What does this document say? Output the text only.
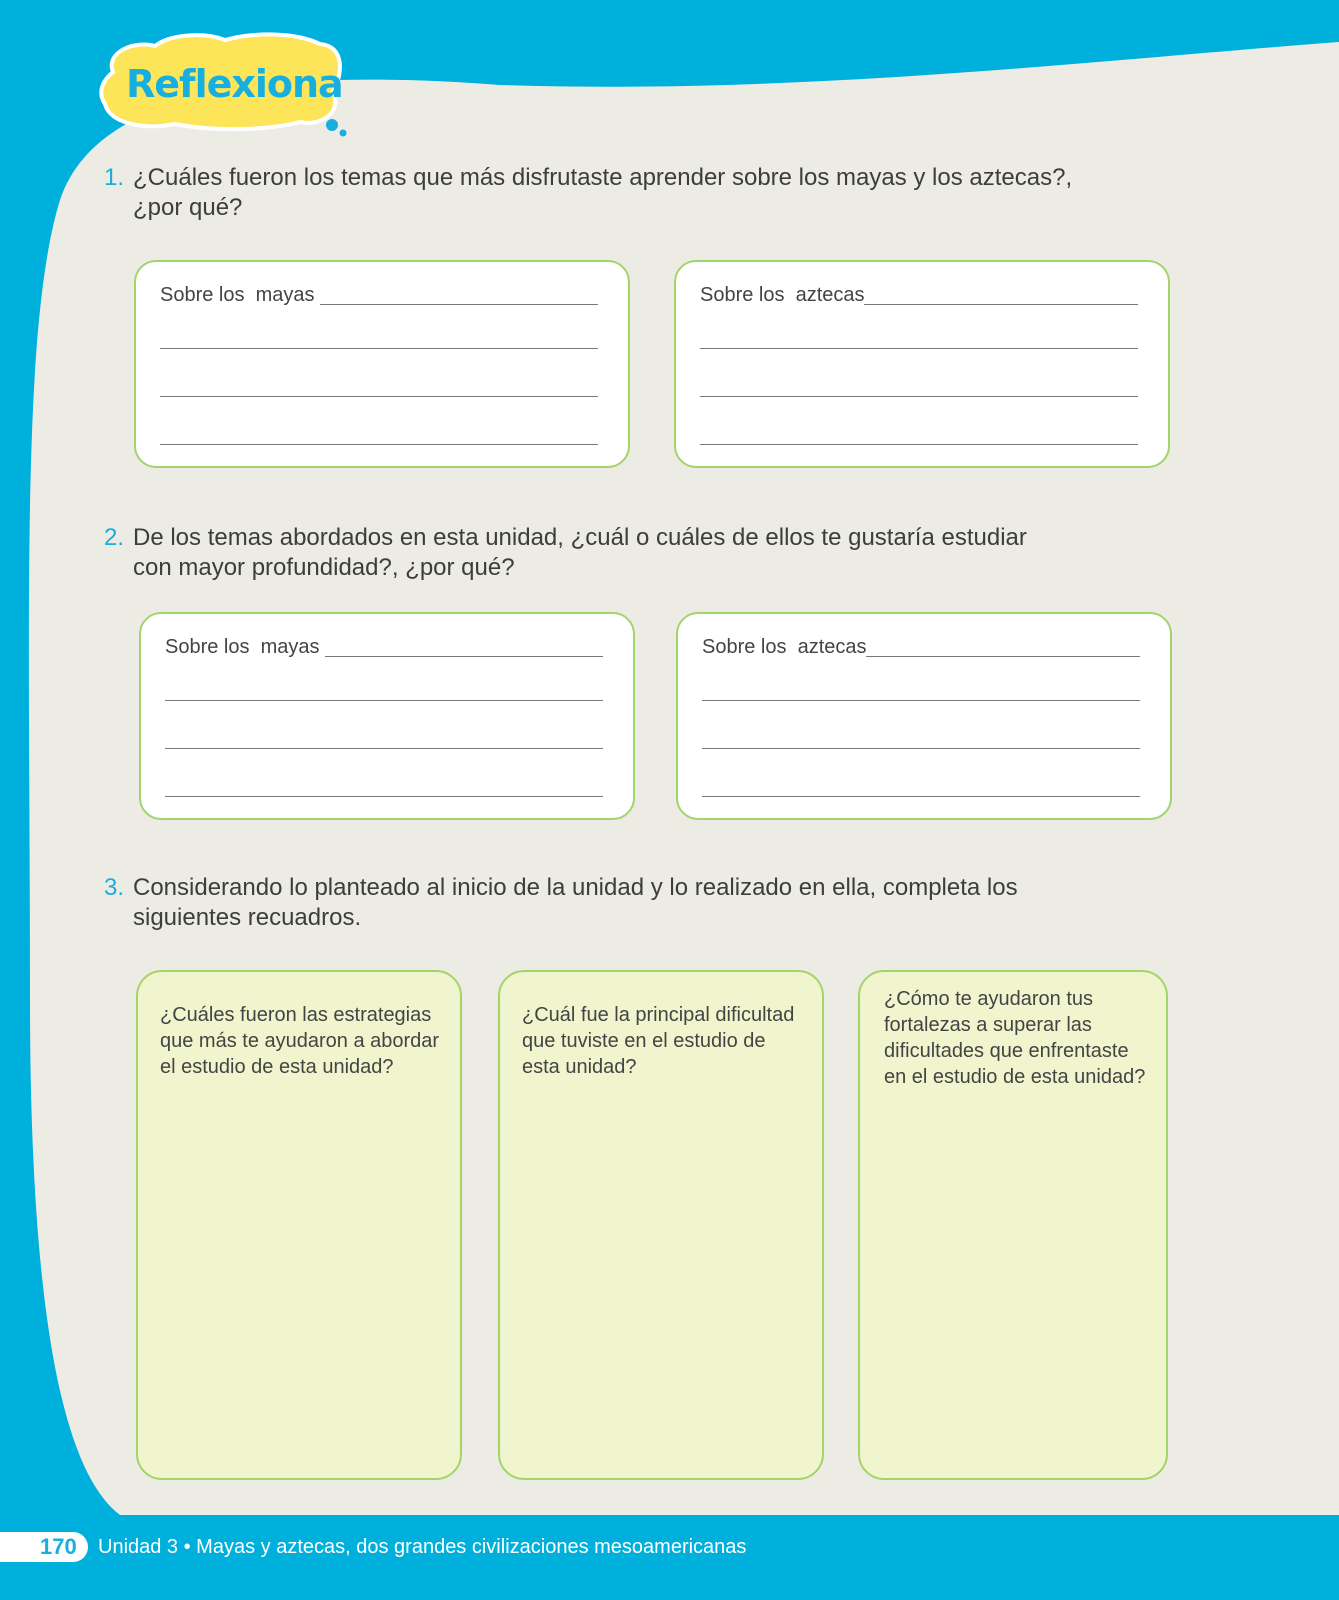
Reflexiona
1. ¿Cuáles fueron los temas que más disfrutaste aprender sobre los mayas y los aztecas?,
¿por qué?
Sobre los  mayas	Sobre los  aztecas
2. De los temas abordados en esta unidad, ¿cuál o cuáles de ellos te gustaría estudiar
con mayor profundidad?, ¿por qué?
Sobre los  mayas	Sobre los  aztecas
3. Considerando lo planteado al inicio de la unidad y lo realizado en ella, completa los
siguientes recuadros.
¿Cuáles fueron las estrategias
que más te ayudaron a abordar
el estudio de esta unidad?
¿Cuál fue la principal dificultad
que tuviste en el estudio de
esta unidad?
¿Cómo te ayudaron tus
fortalezas a superar las
dificultades que enfrentaste
en el estudio de esta unidad?
170 Unidad 3 • Mayas y aztecas, dos grandes civilizaciones mesoamericanas
